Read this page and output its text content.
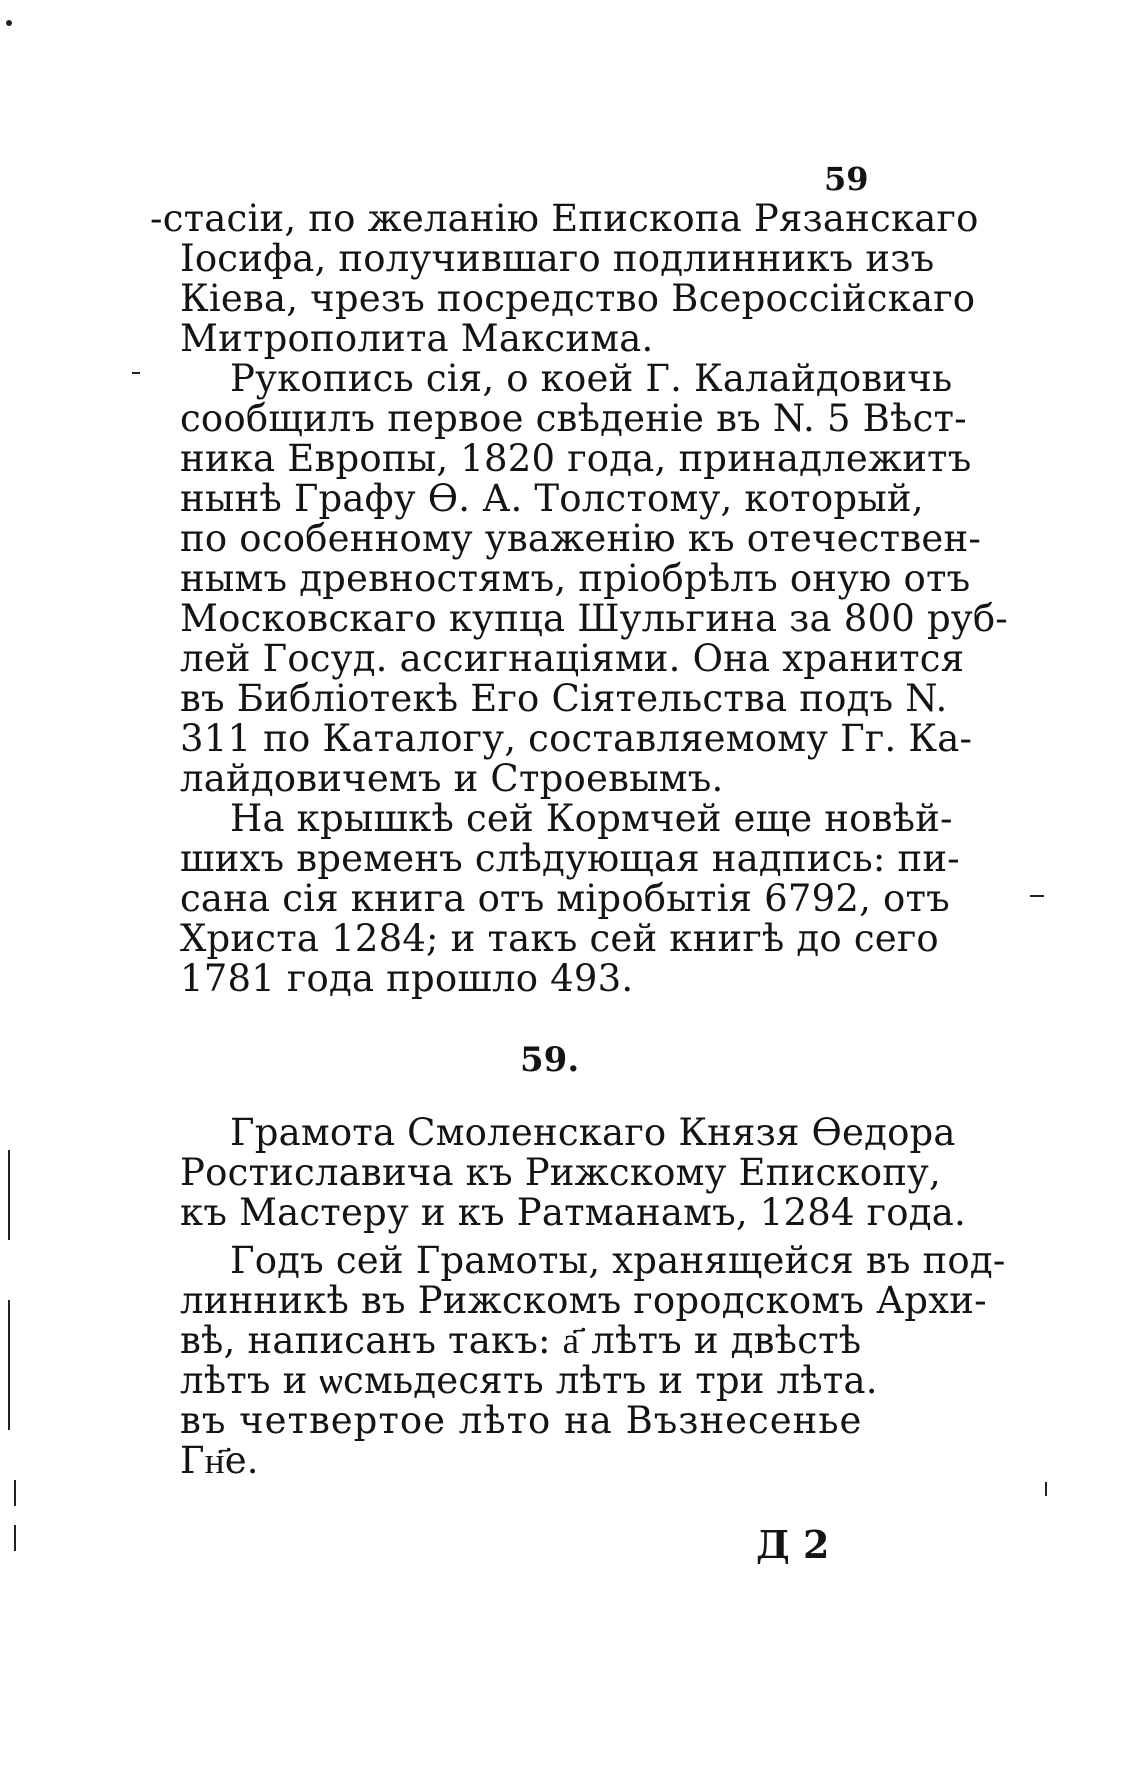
59
-стасіи, по желанію Епископа Рязанскаго
Іосифа, получившаго подлинникъ изъ
Кіева, чрезъ посредство Всероссійскаго
Митрополита Максима.
Рукопись сія, о коей Г. Калайдовичь
сообщилъ первое свѣденіе въ N. 5 Вѣст-
ника Европы, 1820 года, принадлежитъ
нынѣ Графу Ѳ. А. Толстому, который,
по особенному уваженію къ отечествен-
нымъ древностямъ, пріобрѣлъ оную отъ
Московскаго купца Шульгина за 800 руб-
лей Госуд. ассигнаціями. Она хранится
въ Библіотекѣ Его Сіятельства подъ N.
311 по Каталогу, составляемому Гг. Ка-
лайдовичемъ и Строевымъ.
На крышкѣ сей Кормчей еще новѣй-
шихъ временъ слѣдующая надпись: пи-
сана сія книга отъ міробытія 6792, отъ
Христа 1284; и такъ сей книгѣ до сего
1781 года прошло 493.
59.
Грамота Смоленскаго Князя Ѳедора
Ростиславича къ Рижскому Епископу,
къ Мастеру и къ Ратманамъ, 1284 года.
Годъ сей Грамоты, хранящейся въ под-
линникѣ въ Рижскомъ городскомъ Архи-
вѣ, написанъ такъ: а҃ лѣтъ и двѣстѣ
лѣтъ и ѡсмьдесять лѣтъ и три лѣта.
въ четвертое лѣто на Възнесенье
Гн҃е.
Д 2
